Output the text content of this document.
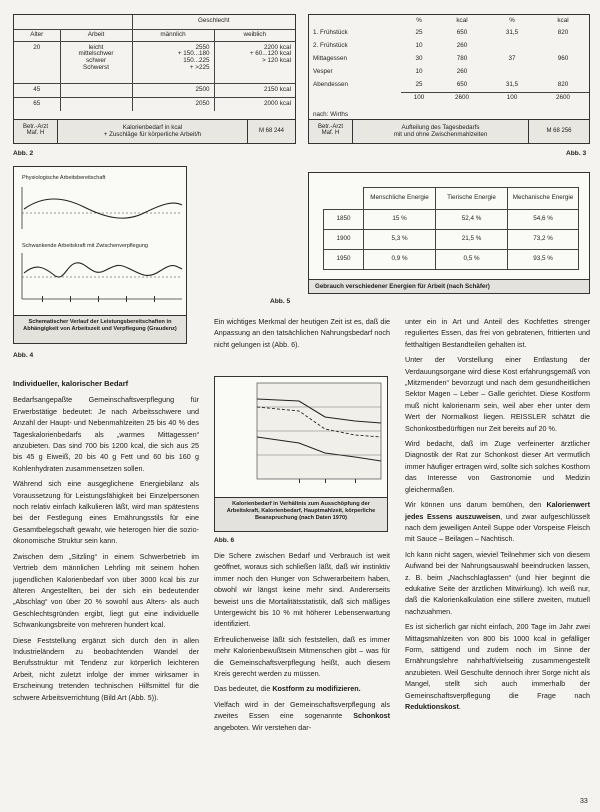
		Geschlecht	
Alter	Arbeit	männlich	weiblich
20	leicht
mittelschwer
schwer
Schwerst	2550
+ 150...180
150...225
+ >225	2200 kcal
+ 60...120 kcal
> 120 kcal
45		2500	2150 kcal
65		2050	2000 kcal
Betr.-Arzt
Maf. H
Kalorienbedarf in kcal
+ Zuschläge für körperliche Arbeit/h	M 68 244
Abb. 2
	%	kcal	%	kcal
1. Frühstück	25	650	31,5	820
2. Frühstück	10	260		
Mittagessen	30	780	37	960
Vesper	10	260		
Abendessen	25	650	31,5	820
	100	2600	100	2600
nach: Wirths
Betr.-Arzt
Maf. H
Aufteilung des Tagesbedarfs
mit und ohne Zwischenmahlzeiten	M 68 256
Abb. 3
Physiologische Arbeitsbereitschaft
Schwankende Arbeitskraft mit Zwischenverpflegung
Schematischer Verlauf der Leistungsbereitschaften in Abhängigkeit von Arbeitszeit und Verpflegung (Graudenz)
Abb. 4
	Menschliche Energie	Tierische Energie	Mechanische Energie
1850	15 %	52,4 %	54,6 %
1900	5,3 %	21,5 %	73,2 %
1950	0,9 %	0,5 %	93,5 %
Gebrauch verschiedener Energien für Arbeit (nach Schäfer)
Abb. 5
Kalorienbedarf in Verhältnis zum Ausschöpfung der Arbeitskraft, Kalorienbedarf, Hauptmahlzeit, körperliche Beanspruchung (nach Daten 1970)
Abb. 6
Individueller, kalorischer Bedarf

Bedarfsangepaßte Gemeinschaftsverpflegung für Erwerbstätige bedeutet: Je nach Arbeitsschwere und Anzahl der Haupt- und Nebenmahlzeiten 25 bis 40 % des Tageskalorienbedarfs als „warmes Mittagessen“ anzubieten. Das sind 700 bis 1200 kcal, die sich aus 25 bis 45 g Eiweiß, 20 bis 40 g Fett und 60 bis 160 g Kohlenhydraten zusammensetzen sollen.

Während sich eine ausgeglichene Energiebilanz als Voraussetzung für Leistungsfähigkeit bei Einzelpersonen noch relativ einfach kalkulieren läßt, wird man spätestens bei der Festlegung eines Ernährungsstils für eine Gesamtbelegschaft gewahr, wie heterogen hier die sozio-ökonomische Struktur sein kann.

Zwischen dem „Sitzling“ in einem Schwerbetrieb im Vertrieb dem männlichen Lehrling mit seinem hohen jugendlichen Kalorienbedarf von über 3000 kcal bis zur älteren Angestellten, bei der sich ein bedeutender „Abschlag“ von über 20 % sowohl aus Alters- als auch Geschlechtsgründen ergibt, liegt gut eine individuelle Schwankungsbreite von mehreren hundert kcal.

Diese Feststellung ergänzt sich durch den in allen Industrieländern zu beobachtenden Wandel der Berufsstruktur mit Tendenz zur körperlich leichteren Arbeit, nicht zuletzt infolge der immer wirksamer in Erscheinung tretenden technischen Hilfsmittel für die schwere Arbeitsverrichtung (Bild Art (Abb. 5)).

Ein wichtiges Merkmal der heutigen Zeit ist es, daß die Anpassung an den tatsächlichen Nahrungsbedarf noch nicht gelungen ist (Abb. 6).

Die Schere zwischen Bedarf und Verbrauch ist weit geöffnet, woraus sich schließen läßt, daß wir instinktiv immer noch den Hunger von Schwerarbeitern haben, obwohl wir längst keine mehr sind. Andererseits beweist uns die Mortalitätsstatistik, daß sich mäßiges Untergewicht bis 10 % mit höherer Lebenserwartung identifiziert.

Erfreulicherweise läßt sich feststellen, daß es immer mehr Kalorienbewußtsein Mitmenschen gibt – was für die Gemeinschaftsverpflegung heißt, auch diesem Kreis gerecht werden zu müssen.

Das bedeutet, die Kostform zu modifizieren.

Vielfach wird in der Gemeinschaftsverpflegung als zweites Essen eine sogenannte Schonkost angeboten. Wir verstehen dar-

unter ein in Art und Anteil des Kochfettes strenger reguliertes Essen, das frei von gebratenen, frittierten und fetthaltigen Bestandteilen gehalten ist.

Unter der Vorstellung einer Entlastung der Verdauungsorgane wird diese Kost erfahrungsgemäß von „Mitzmenden“ bevorzugt und nach dem gesundheitlichen Sektor Magen – Leber – Galle gerichtet. Diese Kostform muß nicht kalorienarm sein, weil aber eher unter dem Wert der Normalkost liegen. REISSLER schätzt die Schonkostbedürftigen nur Zeit bereits auf 20 %.

Wird bedacht, daß im Zuge verfeinerter ärztlicher Diagnostik der Rat zur Schonkost dieser Art vermutlich immer häufiger ertragen wird, sollte sich solches Kosthorn das Interesse von Gastronomie und Medizin gleichermaßen.

Wir können uns darum bemühen, den Kalorienwert jedes Essens auszuweisen, und zwar aufgeschlüsselt nach dem jeweiligen Anteil Suppe oder Vorspeise Fleisch mit Sauce – Beilagen – Nachtisch.

Ich kann nicht sagen, wieviel Teilnehmer sich von diesem Aufwand bei der Nahrungsauswahl beeindrucken lassen, z. B. beim „Nachschlagfassen“ (und hier beginnt die edukative Seite der ärztlichen Mitwirkung). Ich weiß nur, daß die Kalorienkalkulation eine stillere zweiten, mutuell nachzuahmen.

Es ist sicherlich gar nicht einfach, 200 Tage im Jahr zwei Mittagsmahlzeiten von 800 bis 1000 kcal in gefälliger Form, sättigend und zudem noch im Sinne der Ernährungslehre nahrhaft/vielseitig zusammengestellt anzubieten. Weil Geschulte dennoch ihrer Sorge nicht als Mangel, stellt sich auch immerhalb der Gemeinschaftsverpflegung die Frage nach Reduktionskost.

33
